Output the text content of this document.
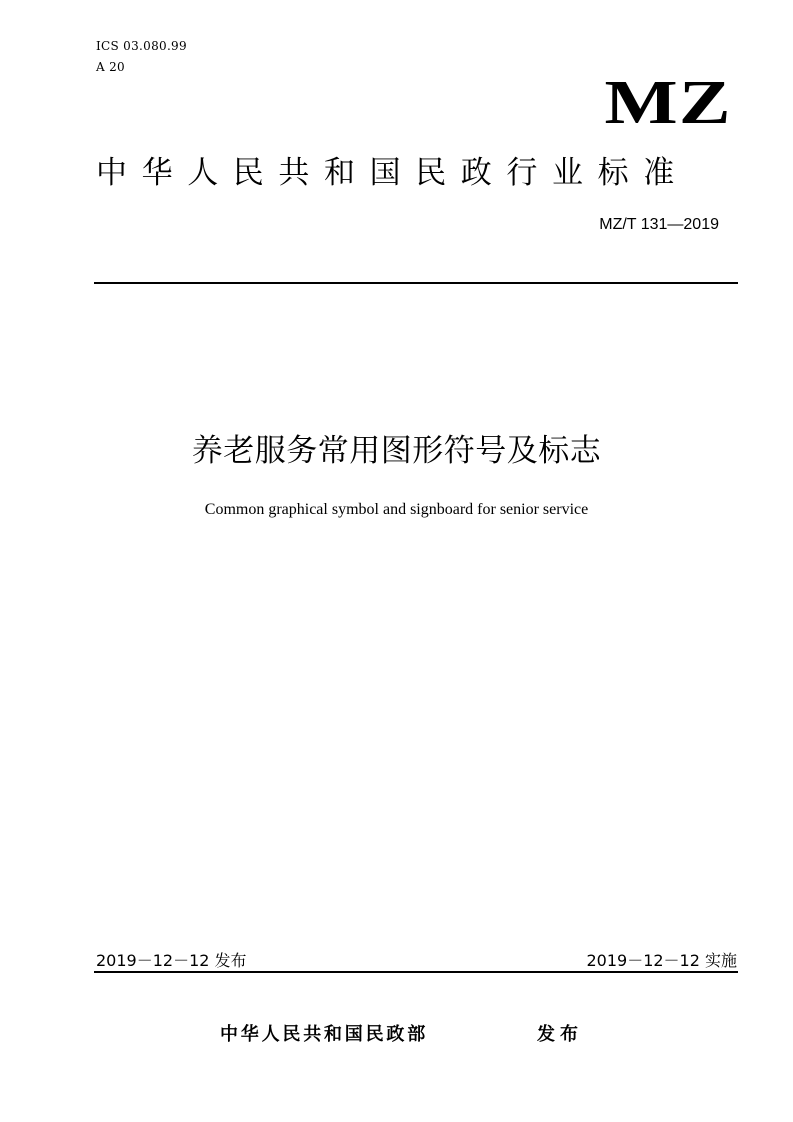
ICS 03.080.99
A 20
MZ
中华人民共和国民政行业标准
MZ/T 131—2019
养老服务常用图形符号及标志
Common graphical symbol and signboard for senior service
2019－12－12 发布	2019－12－12 实施
中华人民共和国民政部	发布
